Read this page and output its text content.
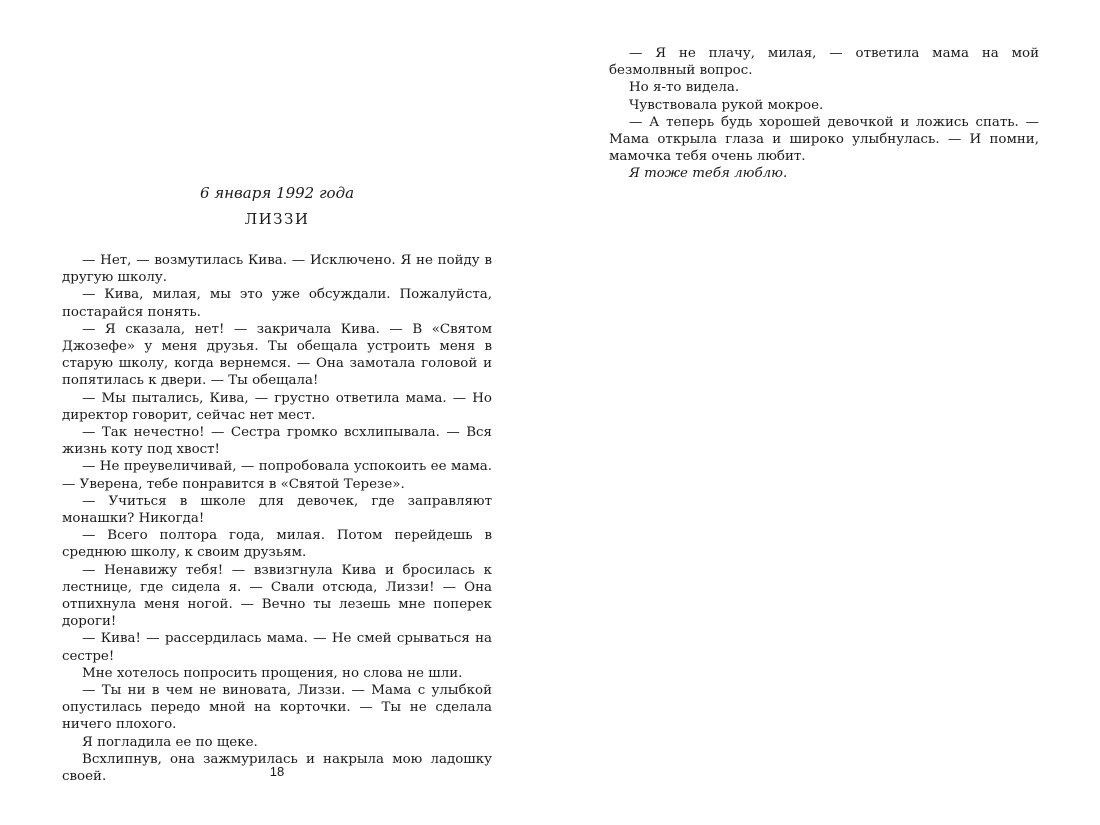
6 января 1992 года
ЛИЗЗИ

— Нет, — возмутилась Кива. — Исключено. Я не пойду в другую школу.

— Кива, милая, мы это уже обсуждали. Пожалуйста, постарайся понять.

— Я сказала, нет! — закричала Кива. — В «Святом Джозефе» у меня друзья. Ты обещала устроить меня в старую школу, когда вернемся. — Она замотала головой и попятилась к двери. — Ты обещала!

— Мы пытались, Кива, — грустно ответила мама. — Но директор говорит, сейчас нет мест.

— Так нечестно! — Сестра громко всхлипывала. — Вся жизнь коту под хвост!

— Не преувеличивай, — попробовала успокоить ее мама. — Уверена, тебе понравится в «Святой Терезе».

— Учиться в школе для девочек, где заправляют монашки? Никогда!

— Всего полтора года, милая. Потом перейдешь в среднюю школу, к своим друзьям.

— Ненавижу тебя! — взвизгнула Кива и бросилась к лестнице, где сидела я. — Свали отсюда, Лиззи! — Она отпихнула меня ногой. — Вечно ты лезешь мне поперек дороги!

— Кива! — рассердилась мама. — Не смей срываться на сестре!

Мне хотелось попросить прощения, но слова не шли.

— Ты ни в чем не виновата, Лиззи. — Мама с улыбкой опустилась передо мной на корточки. — Ты не сделала ничего плохого.

Я погладила ее по щеке.

Всхлипнув, она зажмурилась и накрыла мою ладошку своей.	18

— Я не плачу, милая, — ответила мама на мой безмолвный вопрос.

Но я-то видела.

Чувствовала рукой мокрое.

— А теперь будь хорошей девочкой и ложись спать. — Мама открыла глаза и широко улыбнулась. — И помни, мамочка тебя очень любит.

Я тоже тебя люблю.
